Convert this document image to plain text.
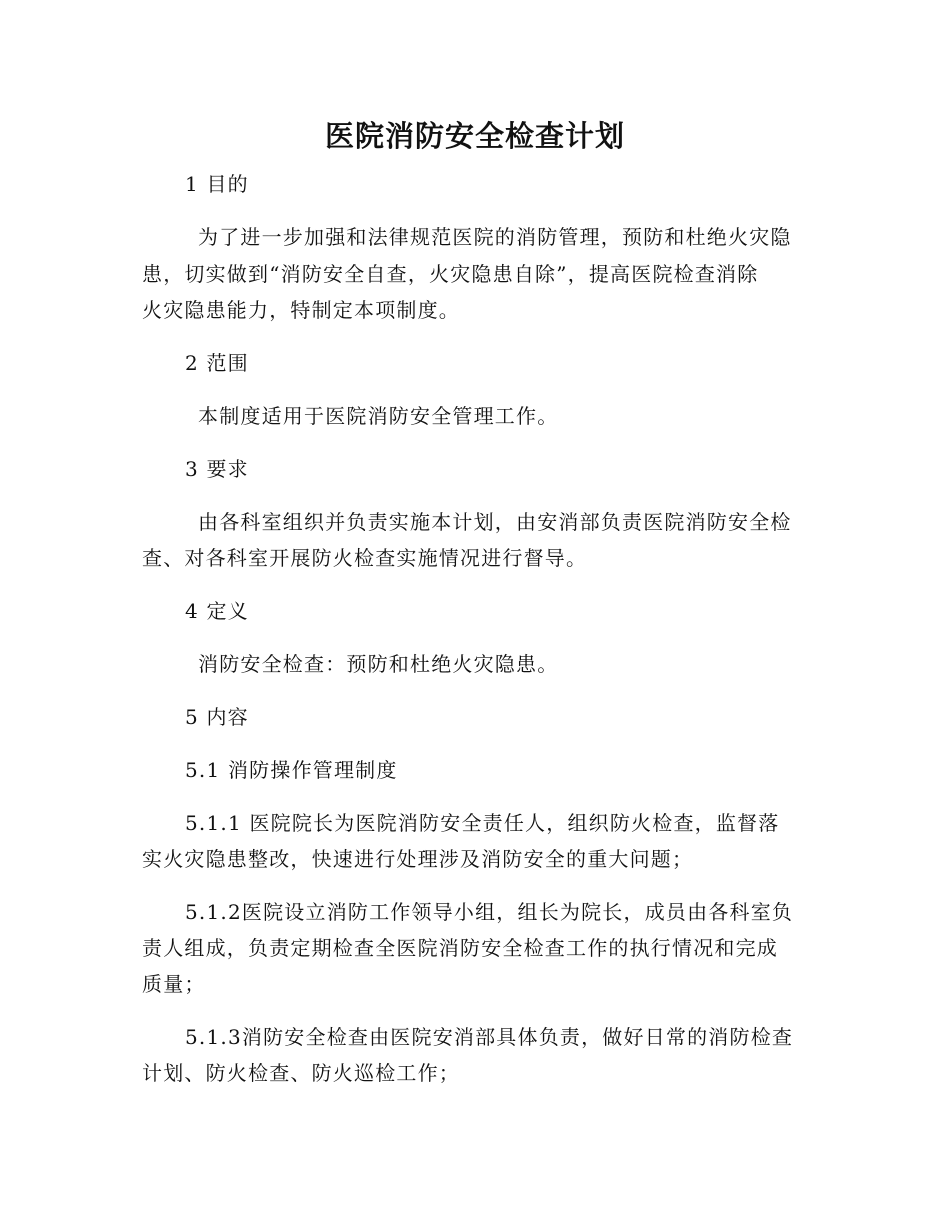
医院消防安全检查计划
1 目的
为了进一步加强和法律规范医院的消防管理，预防和杜绝火灾隐
患，切实做到“消防安全自查，火灾隐患自除”，提高医院检查消除
火灾隐患能力，特制定本项制度。
2 范围
本制度适用于医院消防安全管理工作。
3 要求
由各科室组织并负责实施本计划，由安消部负责医院消防安全检
查、对各科室开展防火检查实施情况进行督导。
4 定义
消防安全检查：预防和杜绝火灾隐患。
5 内容
5.1 消防操作管理制度
5.1.1 医院院长为医院消防安全责任人，组织防火检查，监督落
实火灾隐患整改，快速进行处理涉及消防安全的重大问题；
5.1.2医院设立消防工作领导小组，组长为院长，成员由各科室负
责人组成，负责定期检查全医院消防安全检查工作的执行情况和完成
质量；
5.1.3消防安全检查由医院安消部具体负责，做好日常的消防检查
计划、防火检查、防火巡检工作；
